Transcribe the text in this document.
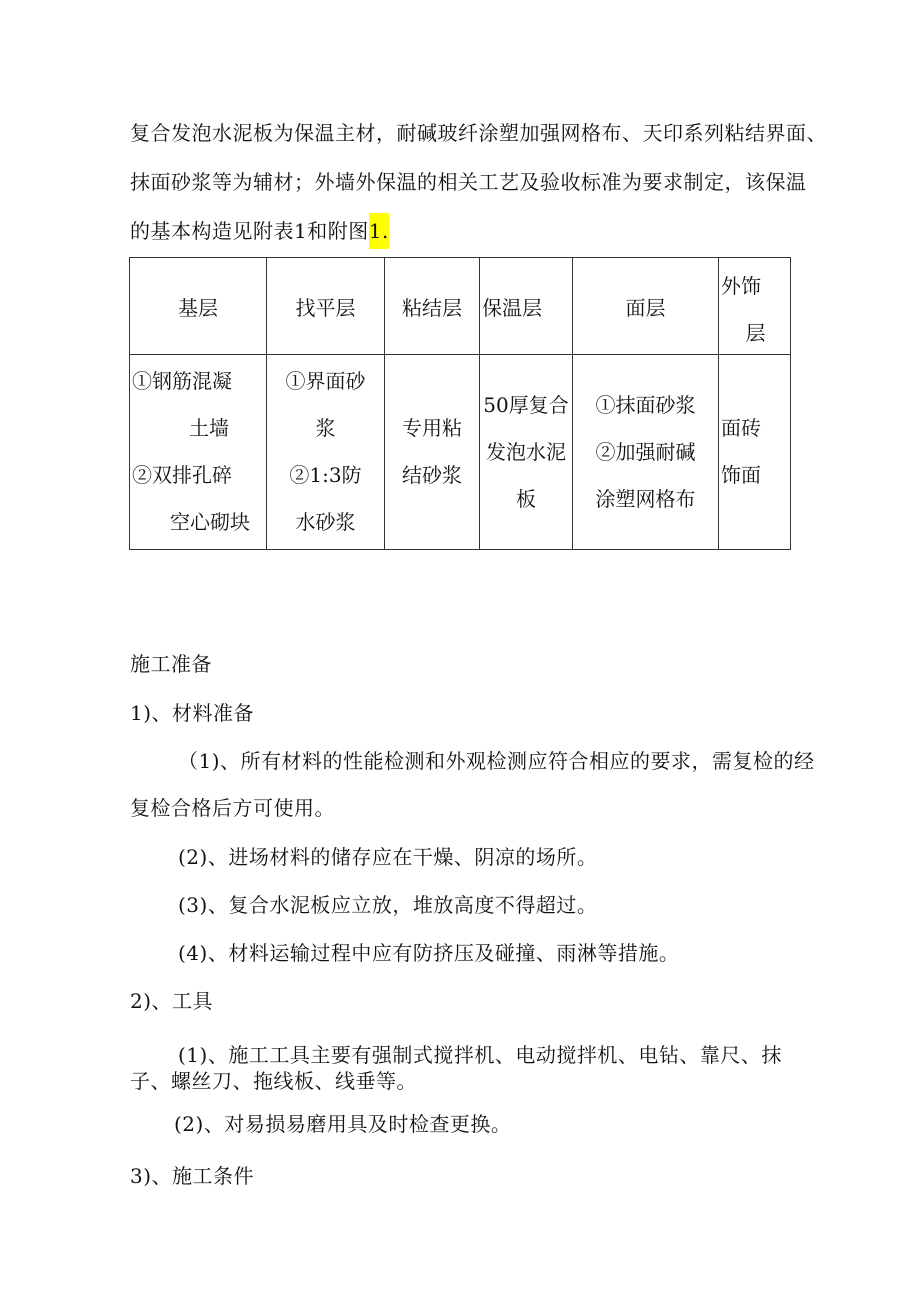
复合发泡水泥板为保温主材，耐碱玻纤涂塑加强网格布、天印系列粘结界面、
抹面砂浆等为辅材；外墙外保温的相关工艺及验收标准为要求制定，该保温
的基本构造见附表1和附图1.
基层	找平层	粘结层	保温层	面层	外饰
层

①钢筋混凝
土墙
②双排孔碎
空心砌块	①界面砂
浆
②1:3防
水砂浆	专用粘
结砂浆	50厚复合
发泡水泥
板	①抹面砂浆
②加强耐碱
涂塑网格布	面砖
饰面
施工准备
1)、材料准备
（1)、所有材料的性能检测和外观检测应符合相应的要求，需复检的经
复检合格后方可使用。
(2)、进场材料的储存应在干燥、阴凉的场所。
(3)、复合水泥板应立放，堆放高度不得超过。
(4)、材料运输过程中应有防挤压及碰撞、雨淋等措施。
2)、工具
(1)、施工工具主要有强制式搅拌机、电动搅拌机、电钻、靠尺、抹
子、螺丝刀、拖线板、线垂等。
(2)、对易损易磨用具及时检查更换。
3)、施工条件
